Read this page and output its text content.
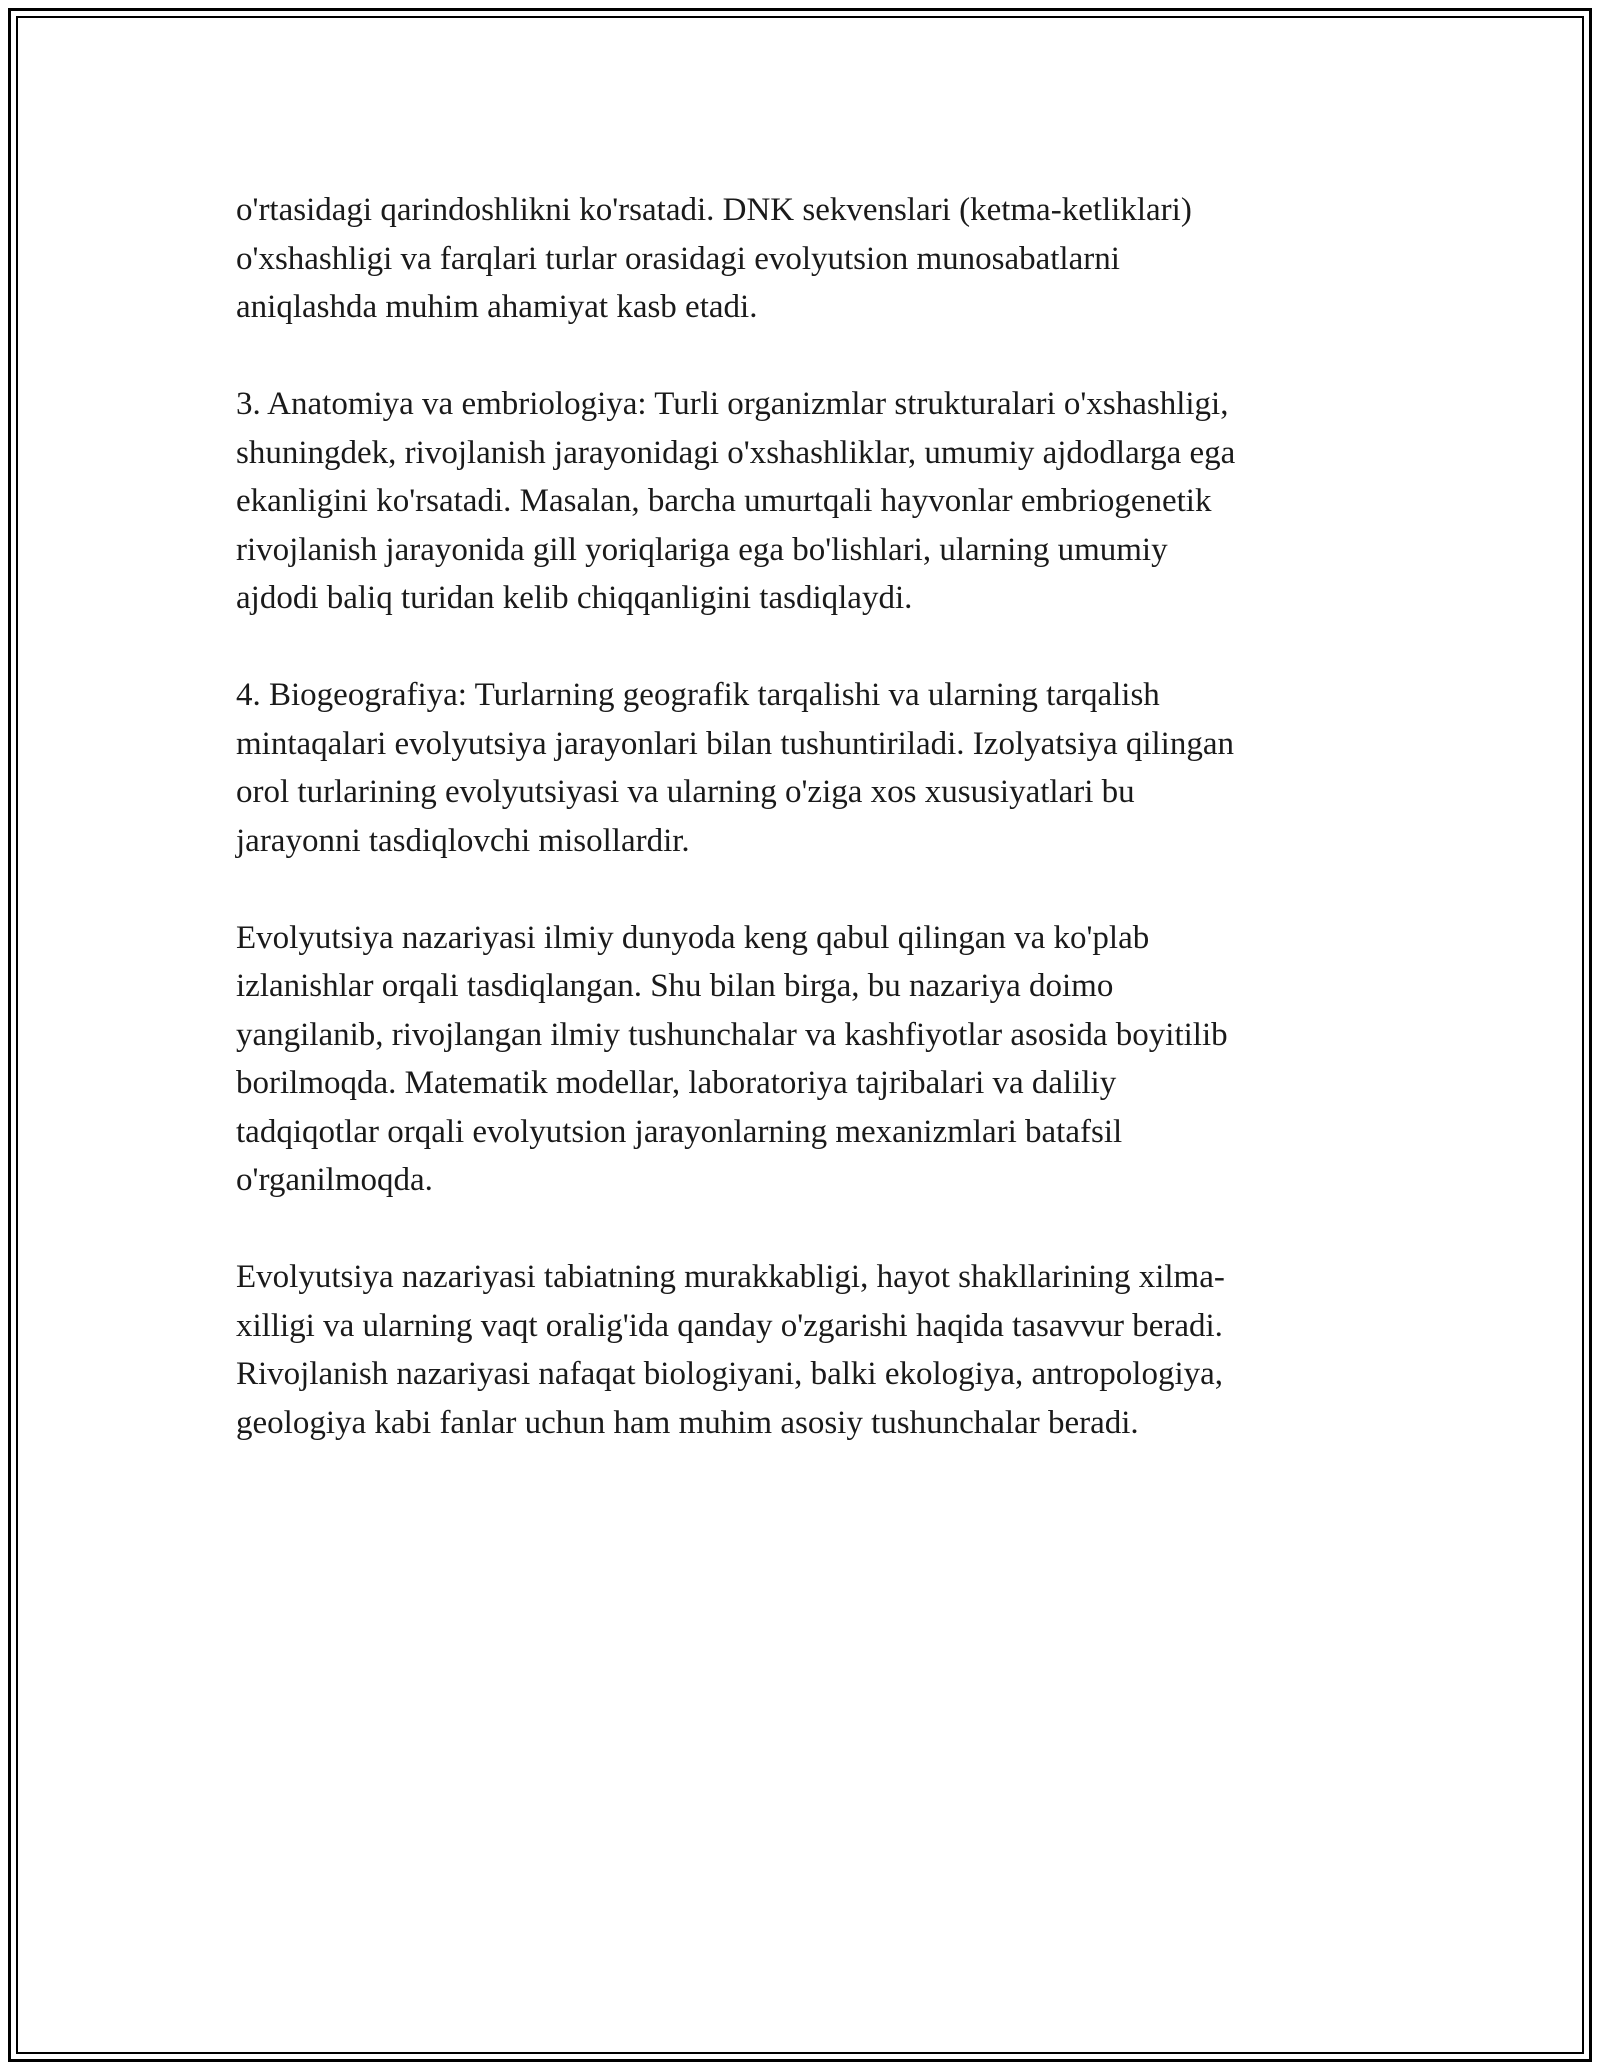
o'rtasidagi qarindoshlikni ko'rsatadi. DNK sekvenslari (ketma-ketliklari)
o'xshashligi va farqlari turlar orasidagi evolyutsion munosabatlarni
aniqlashda muhim ahamiyat kasb etadi.

3. Anatomiya va embriologiya: Turli organizmlar strukturalari o'xshashligi,
shuningdek, rivojlanish jarayonidagi o'xshashliklar, umumiy ajdodlarga ega
ekanligini ko'rsatadi. Masalan, barcha umurtqali hayvonlar embriogenetik
rivojlanish jarayonida gill yoriqlariga ega bo'lishlari, ularning umumiy
ajdodi baliq turidan kelib chiqqanligini tasdiqlaydi.

4. Biogeografiya: Turlarning geografik tarqalishi va ularning tarqalish
mintaqalari evolyutsiya jarayonlari bilan tushuntiriladi. Izolyatsiya qilingan
orol turlarining evolyutsiyasi va ularning o'ziga xos xususiyatlari bu
jarayonni tasdiqlovchi misollardir.

Evolyutsiya nazariyasi ilmiy dunyoda keng qabul qilingan va ko'plab
izlanishlar orqali tasdiqlangan. Shu bilan birga, bu nazariya doimo
yangilanib, rivojlangan ilmiy tushunchalar va kashfiyotlar asosida boyitilib
borilmoqda. Matematik modellar, laboratoriya tajribalari va daliliy
tadqiqotlar orqali evolyutsion jarayonlarning mexanizmlari batafsil
o'rganilmoqda.

Evolyutsiya nazariyasi tabiatning murakkabligi, hayot shakllarining xilma-
xilligi va ularning vaqt oralig'ida qanday o'zgarishi haqida tasavvur beradi.
Rivojlanish nazariyasi nafaqat biologiyani, balki ekologiya, antropologiya,
geologiya kabi fanlar uchun ham muhim asosiy tushunchalar beradi.
